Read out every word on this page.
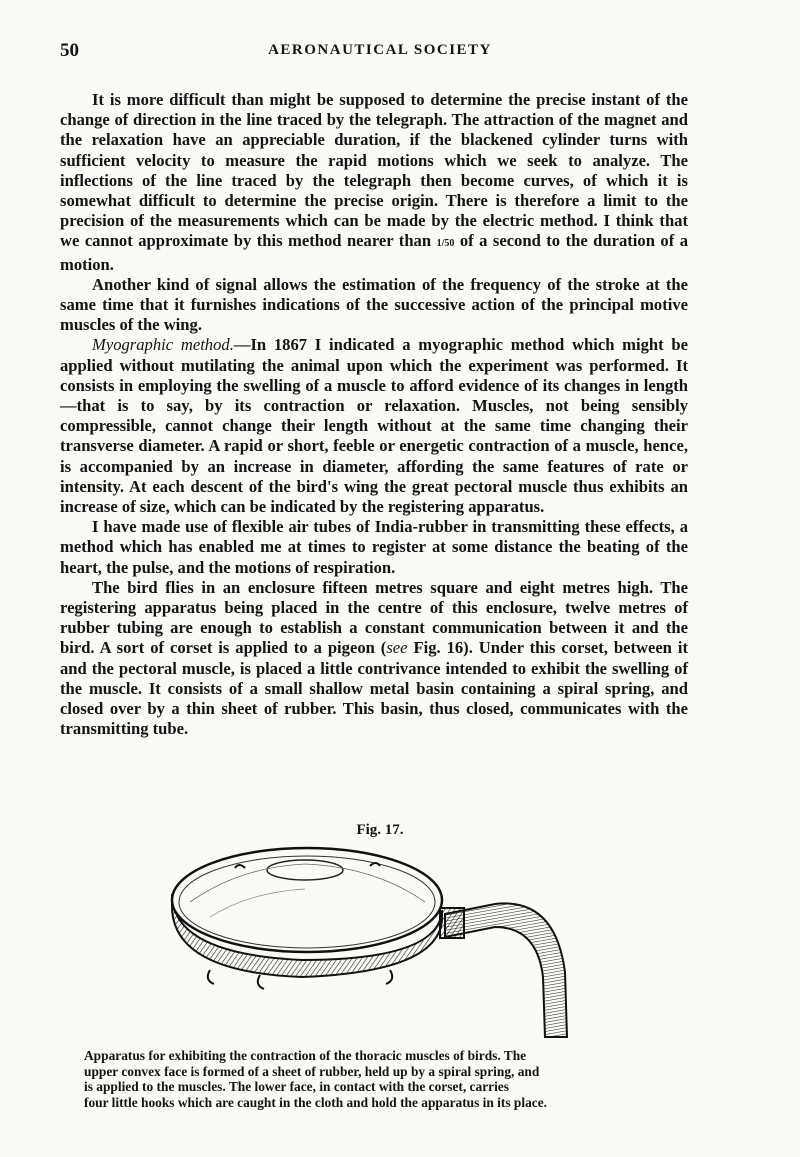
50	AERONAUTICAL SOCIETY

It is more difficult than might be supposed to determine the precise instant of the change of direction in the line traced by the telegraph. The attraction of the magnet and the relaxation have an appreciable duration, if the blackened cylinder turns with sufficient velocity to measure the rapid motions which we seek to analyze. The inflections of the line traced by the telegraph then become curves, of which it is somewhat difficult to determine the precise origin. There is therefore a limit to the precision of the measurements which can be made by the electric method. I think that we cannot approximate by this method nearer than 1/50 of a second to the duration of a motion.

Another kind of signal allows the estimation of the frequency of the stroke at the same time that it furnishes indications of the successive action of the principal motive muscles of the wing.

Myographic method.—In 1867 I indicated a myographic method which might be applied without mutilating the animal upon which the experiment was performed. It consists in employing the swelling of a muscle to afford evidence of its changes in length—that is to say, by its contraction or relaxation. Muscles, not being sensibly compressible, cannot change their length without at the same time changing their transverse diameter. A rapid or short, feeble or energetic contraction of a muscle, hence, is accompanied by an increase in diameter, affording the same features of rate or intensity. At each descent of the bird's wing the great pectoral muscle thus exhibits an increase of size, which can be indicated by the registering apparatus.

I have made use of flexible air tubes of India-rubber in transmitting these effects, a method which has enabled me at times to register at some distance the beating of the heart, the pulse, and the motions of respiration.

The bird flies in an enclosure fifteen metres square and eight metres high. The registering apparatus being placed in the centre of this enclosure, twelve metres of rubber tubing are enough to establish a constant communication between it and the bird. A sort of corset is applied to a pigeon (see Fig. 16). Under this corset, between it and the pectoral muscle, is placed a little contrivance intended to exhibit the swelling of the muscle. It consists of a small shallow metal basin containing a spiral spring, and closed over by a thin sheet of rubber. This basin, thus closed, communicates with the transmitting tube.

Fig. 17.
Apparatus for exhibiting the contraction of the thoracic muscles of birds. The
upper convex face is formed of a sheet of rubber, held up by a spiral spring, and
is applied to the muscles. The lower face, in contact with the corset, carries
four little hooks which are caught in the cloth and hold the apparatus in its place.
